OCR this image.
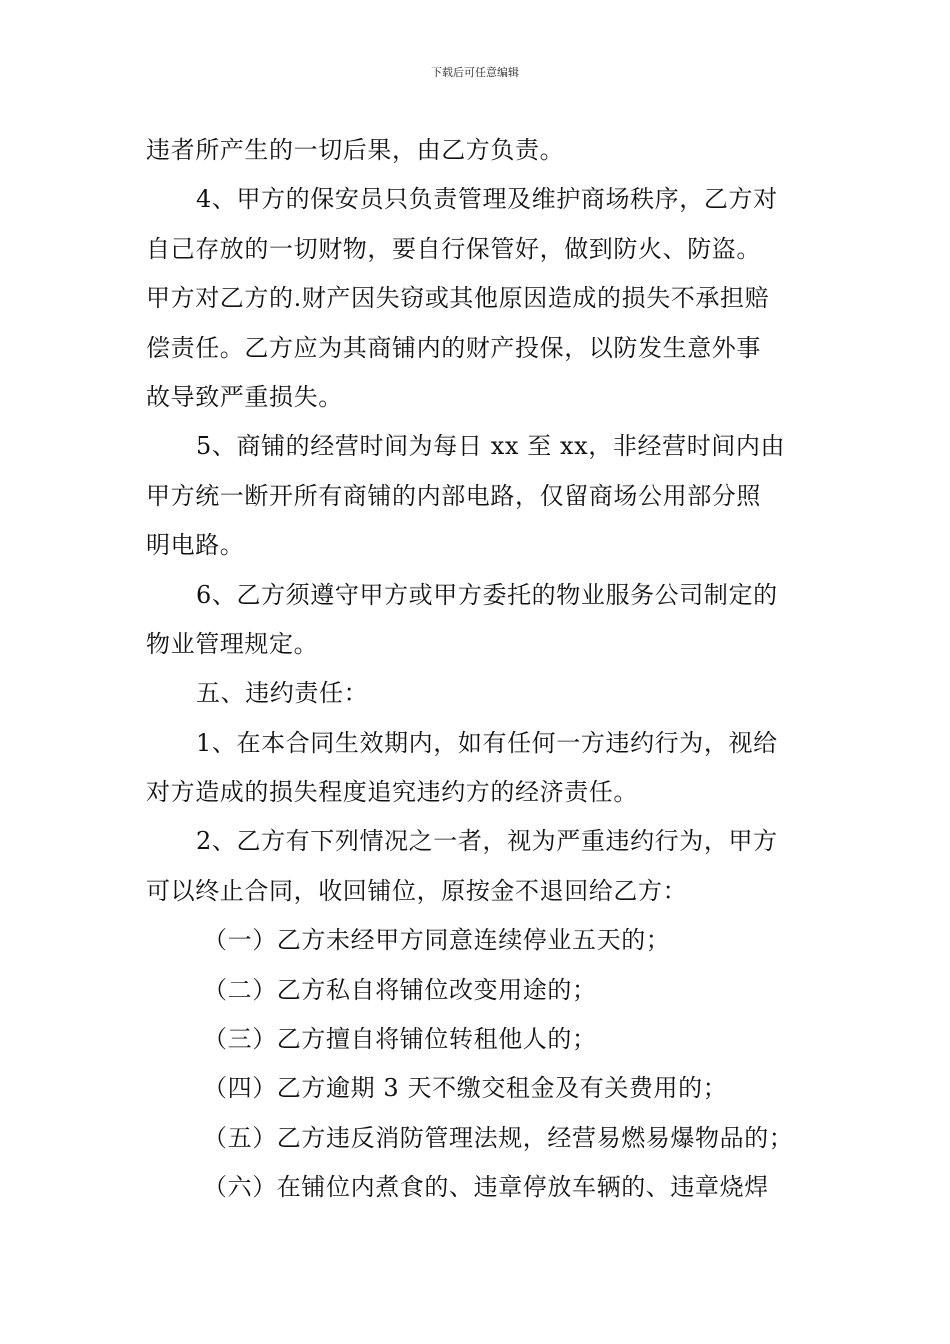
下载后可任意编辑
违者所产生的一切后果，由乙方负责。
4、甲方的保安员只负责管理及维护商场秩序，乙方对
自己存放的一切财物，要自行保管好，做到防火、防盗。
甲方对乙方的.财产因失窃或其他原因造成的损失不承担赔
偿责任。乙方应为其商铺内的财产投保，以防发生意外事
故导致严重损失。
5、商铺的经营时间为每日 xx 至 xx，非经营时间内由
甲方统一断开所有商铺的内部电路，仅留商场公用部分照
明电路。
6、乙方须遵守甲方或甲方委托的物业服务公司制定的
物业管理规定。
五、违约责任：
1、在本合同生效期内，如有任何一方违约行为，视给
对方造成的损失程度追究违约方的经济责任。
2、乙方有下列情况之一者，视为严重违约行为，甲方
可以终止合同，收回铺位，原按金不退回给乙方：
（一）乙方未经甲方同意连续停业五天的；
（二）乙方私自将铺位改变用途的；
（三）乙方擅自将铺位转租他人的；
（四）乙方逾期 3 天不缴交租金及有关费用的；
（五）乙方违反消防管理法规，经营易燃易爆物品的；
（六）在铺位内煮食的、违章停放车辆的、违章烧焊
